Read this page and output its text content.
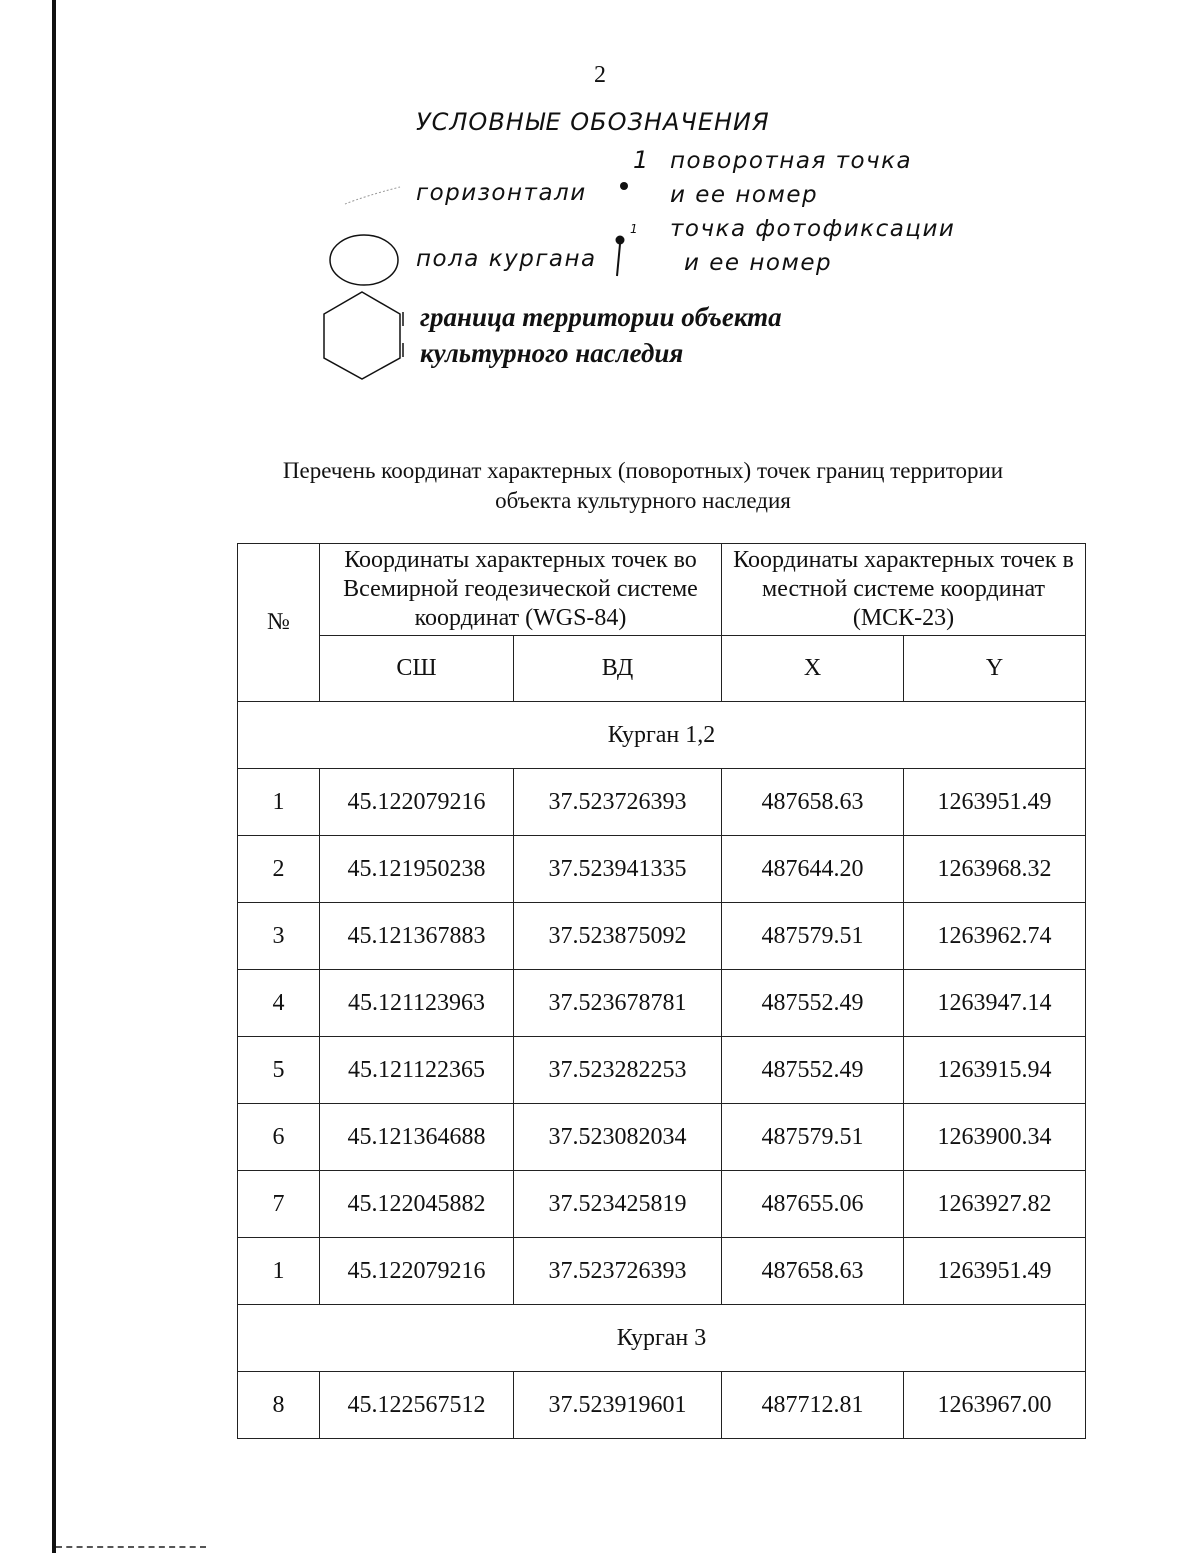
2
УСЛОВНЫЕ ОБОЗНАЧЕНИЯ
горизонтали
пола кургана
1 поворотная точка
и ее номер
1 точка фотофиксации
и ее номер
граница территории объекта
культурного наследия
Перечень координат характерных (поворотных) точек границ территории
объекта культурного наследия
№	Координаты характерных точек во Всемирной геодезической системе координат (WGS-84)		Координаты характерных точек в местной системе координат (МСК-23)	
	СШ	ВД	X	Y
Курган 1,2				
1	45.122079216	37.523726393	487658.63	1263951.49
2	45.121950238	37.523941335	487644.20	1263968.32
3	45.121367883	37.523875092	487579.51	1263962.74
4	45.121123963	37.523678781	487552.49	1263947.14
5	45.121122365	37.523282253	487552.49	1263915.94
6	45.121364688	37.523082034	487579.51	1263900.34
7	45.122045882	37.523425819	487655.06	1263927.82
1	45.122079216	37.523726393	487658.63	1263951.49
Курган 3				
8	45.122567512	37.523919601	487712.81	1263967.00
